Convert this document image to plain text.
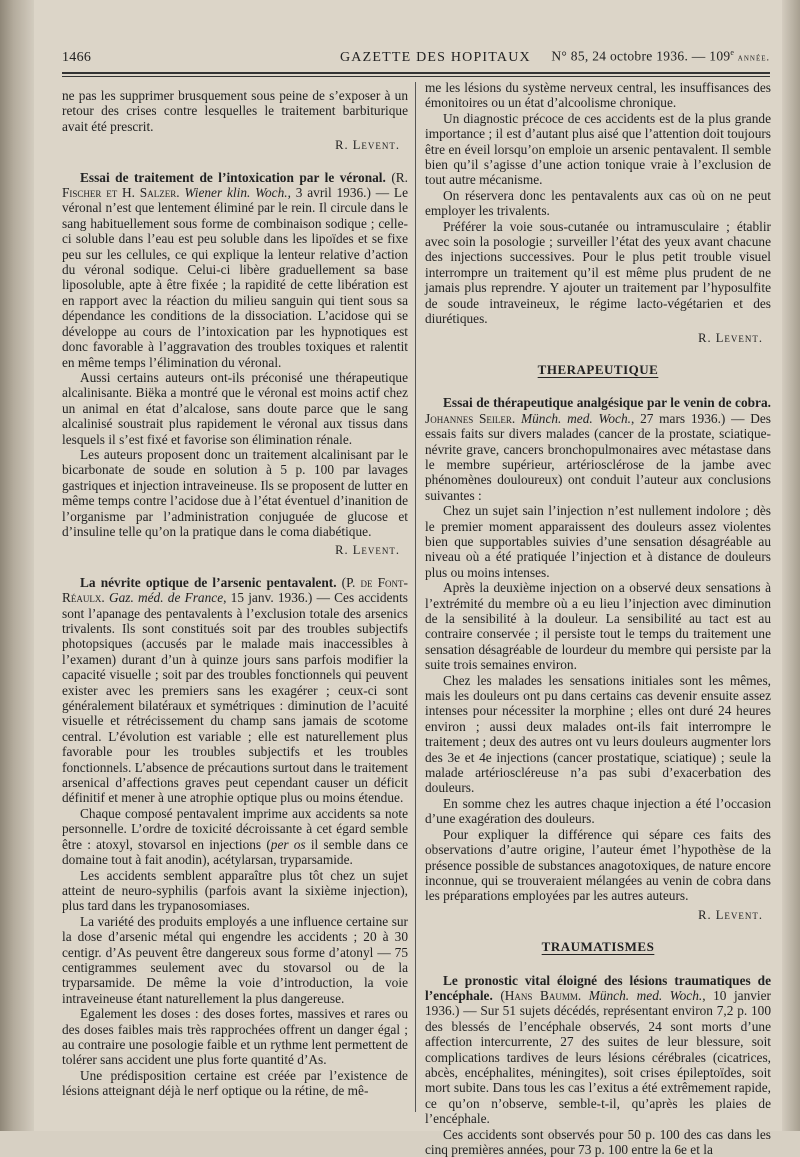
1466	GAZETTE DES HOPITAUX N° 85, 24 octobre 1936. — 109e année.

ne pas les supprimer brusquement sous peine de s’exposer à un retour des crises contre lesquelles le traitement barbiturique avait été prescrit.

R. Levent.

Essai de traitement de l’intoxication par le véronal. (R. Fischer et H. Salzer. Wiener klin. Woch., 3 avril 1936.) — Le véronal n’est que lentement éliminé par le rein. Il circule dans le sang habituellement sous forme de combinaison sodique ; celle-ci soluble dans l’eau est peu soluble dans les lipoïdes et se fixe peu sur les cellules, ce qui explique la lenteur relative d’action du véronal sodique. Celui-ci libère graduellement sa base liposoluble, apte à être fixée ; la rapidité de cette libération est en rapport avec la réaction du milieu sanguin qui tient sous sa dépendance les conditions de la dissociation. L’acidose qui se développe au cours de l’intoxication par les hypnotiques est donc favorable à l’aggravation des troubles toxiques et ralentit en même temps l’élimination du véronal.

Aussi certains auteurs ont-ils préconisé une thérapeutique alcalinisante. Biëka a montré que le véronal est moins actif chez un animal en état d’alcalose, sans doute parce que le sang alcalinisé soustrait plus rapidement le véronal aux tissus dans lesquels il s’est fixé et favorise son élimination rénale.

Les auteurs proposent donc un traitement alcalinisant par le bicarbonate de soude en solution à 5 p. 100 par lavages gastriques et injection intraveineuse. Ils se proposent de lutter en même temps contre l’acidose due à l’état éventuel d’inanition de l’organisme par l’administration conjuguée de glucose et d’insuline telle qu’on la pratique dans le coma diabétique.

R. Levent.

La névrite optique de l’arsenic pentavalent. (P. de Font-Réaulx. Gaz. méd. de France, 15 janv. 1936.) — Ces accidents sont l’apanage des pentavalents à l’exclusion totale des arsenics trivalents. Ils sont constitués soit par des troubles subjectifs photopsiques (accusés par le malade mais inaccessibles à l’examen) durant d’un à quinze jours sans parfois modifier la capacité visuelle ; soit par des troubles fonctionnels qui peuvent exister avec les premiers sans les exagérer ; ceux-ci sont généralement bilatéraux et symétriques : diminution de l’acuité visuelle et rétrécissement du champ sans jamais de scotome central. L’évolution est variable ; elle est naturellement plus favorable pour les troubles subjectifs et les troubles fonctionnels. L’absence de précautions surtout dans le traitement arsenical d’affections graves peut cependant causer un déficit définitif et mener à une atrophie optique plus ou moins étendue.

Chaque composé pentavalent imprime aux accidents sa note personnelle. L’ordre de toxicité décroissante à cet égard semble être : atoxyl, stovarsol en injections (per os il semble dans ce domaine tout à fait anodin), acétylarsan, tryparsamide.

Les accidents semblent apparaître plus tôt chez un sujet atteint de neuro-syphilis (parfois avant la sixième injection), plus tard dans les trypanosomiases.

La variété des produits employés a une influence certaine sur la dose d’arsenic métal qui engendre les accidents ; 20 à 30 centigr. d’As peuvent être dangereux sous forme d’atonyl — 75 centigrammes seulement avec du stovarsol ou de la tryparsamide. De même la voie d’introduction, la voie intraveineuse étant naturellement la plus dangereuse.

Egalement les doses : des doses fortes, massives et rares ou des doses faibles mais très rapprochées offrent un danger égal ; au contraire une posologie faible et un rythme lent permettent de tolérer sans accident une plus forte quantité d’As.

Une prédisposition certaine est créée par l’existence de lésions atteignant déjà le nerf optique ou la rétine, de mê-

me les lésions du système nerveux central, les insuffisances des émonitoires ou un état d’alcoolisme chronique.

Un diagnostic précoce de ces accidents est de la plus grande importance ; il est d’autant plus aisé que l’attention doit toujours être en éveil lorsqu’on emploie un arsenic pentavalent. Il semble bien qu’il s’agisse d’une action tonique vraie à l’exclusion de tout autre mécanisme.

On réservera donc les pentavalents aux cas où on ne peut employer les trivalents.

Préférer la voie sous-cutanée ou intramusculaire ; établir avec soin la posologie ; surveiller l’état des yeux avant chacune des injections successives. Pour le plus petit trouble visuel interrompre un traitement qu’il est même plus prudent de ne jamais plus reprendre. Y ajouter un traitement par l’hyposulfite de soude intraveineux, le régime lacto-végétarien et des diurétiques.

R. Levent.
THERAPEUTIQUE

Essai de thérapeutique analgésique par le venin de cobra. Johannes Seiler. Münch. med. Woch., 27 mars 1936.) — Des essais faits sur divers malades (cancer de la prostate, sciatique-névrite grave, cancers bronchopulmonaires avec métastase dans le membre supérieur, artériosclérose de la jambe avec phénomènes douloureux) ont conduit l’auteur aux conclusions suivantes :

Chez un sujet sain l’injection n’est nullement indolore ; dès le premier moment apparaissent des douleurs assez violentes bien que supportables suivies d’une sensation désagréable au niveau où a été pratiquée l’injection et à distance de douleurs plus ou moins intenses.

Après la deuxième injection on a observé deux sensations à l’extrémité du membre où a eu lieu l’injection avec diminution de la sensibilité à la douleur. La sensibilité au tact est au contraire conservée ; il persiste tout le temps du traitement une sensation désagréable de lourdeur du membre qui persiste par la suite trois semaines environ.

Chez les malades les sensations initiales sont les mêmes, mais les douleurs ont pu dans certains cas devenir ensuite assez intenses pour nécessiter la morphine ; elles ont duré 24 heures environ ; aussi deux malades ont-ils fait interrompre le traitement ; deux des autres ont vu leurs douleurs augmenter lors des 3e et 4e injections (cancer prostatique, sciatique) ; seule la malade artérioscléreuse n’a pas subi d’exacerbation des douleurs.

En somme chez les autres chaque injection a été l’occasion d’une exagération des douleurs.

Pour expliquer la différence qui sépare ces faits des observations d’autre origine, l’auteur émet l’hypothèse de la présence possible de substances anagotoxiques, de nature encore inconnue, qui se trouveraient mélangées au venin de cobra dans les préparations employées par les autres auteurs.

R. Levent.
TRAUMATISMES

Le pronostic vital éloigné des lésions traumatiques de l’encéphale. (Hans Baumm. Münch. med. Woch., 10 janvier 1936.) — Sur 51 sujets décédés, représentant environ 7,2 p. 100 des blessés de l’encéphale observés, 24 sont morts d’une affection intercurrente, 27 des suites de leur blessure, soit complications tardives de leurs lésions cérébrales (cicatrices, abcès, encéphalites, méningites), soit crises épileptoïdes, soit mort subite. Dans tous les cas l’exitus a été extrêmement rapide, ce qu’on n’observe, semble-t-il, qu’après les plaies de l’encéphale.

Ces accidents sont observés pour 50 p. 100 des cas dans les cinq premières années, pour 73 p. 100 entre la 6e et la
